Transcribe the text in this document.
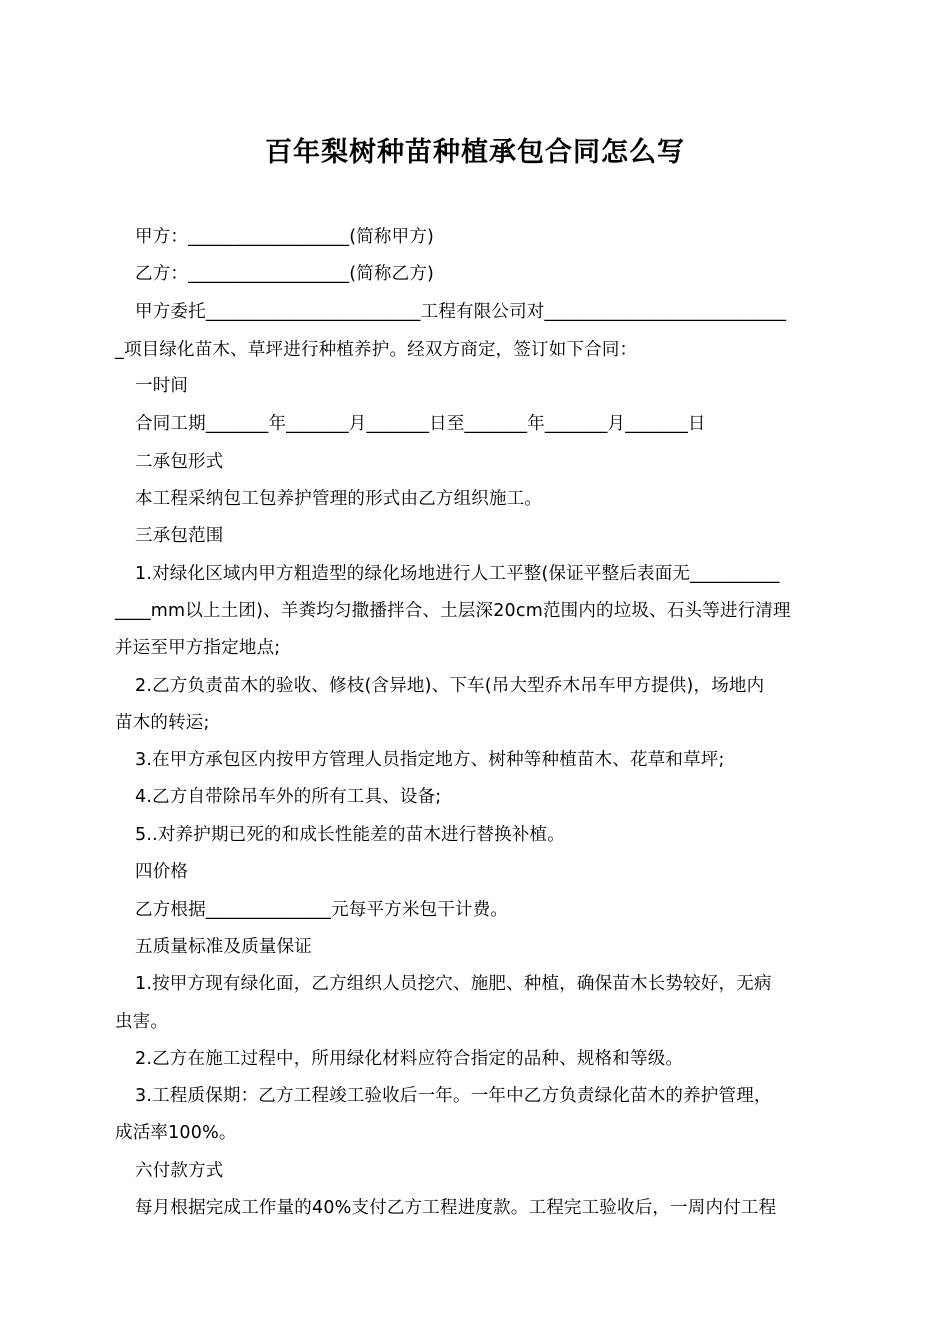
百年梨树种苗种植承包合同怎么写
甲方：__________________(简称甲方)
乙方：__________________(简称乙方)
甲方委托________________________工程有限公司对___________________________
_项目绿化苗木、草坪进行种植养护。经双方商定，签订如下合同：
一时间
合同工期_______年_______月_______日至_______年_______月_______日
二承包形式
本工程采纳包工包养护管理的形式由乙方组织施工。
三承包范围
1.对绿化区域内甲方粗造型的绿化场地进行人工平整(保证平整后表面无__________
____mm以上土团)、羊粪均匀撒播拌合、土层深20cm范围内的垃圾、石头等进行清理
并运至甲方指定地点;
2.乙方负责苗木的验收、修枝(含异地)、下车(吊大型乔木吊车甲方提供)，场地内
苗木的转运;
3.在甲方承包区内按甲方管理人员指定地方、树种等种植苗木、花草和草坪;
4.乙方自带除吊车外的所有工具、设备;
5..对养护期已死的和成长性能差的苗木进行替换补植。
四价格
乙方根据______________元每平方米包干计费。
五质量标准及质量保证
1.按甲方现有绿化面，乙方组织人员挖穴、施肥、种植，确保苗木长势较好，无病
虫害。
2.乙方在施工过程中，所用绿化材料应符合指定的品种、规格和等级。
3.工程质保期：乙方工程竣工验收后一年。一年中乙方负责绿化苗木的养护管理，
成活率100%。
六付款方式
每月根据完成工作量的40%支付乙方工程进度款。工程完工验收后，一周内付工程
